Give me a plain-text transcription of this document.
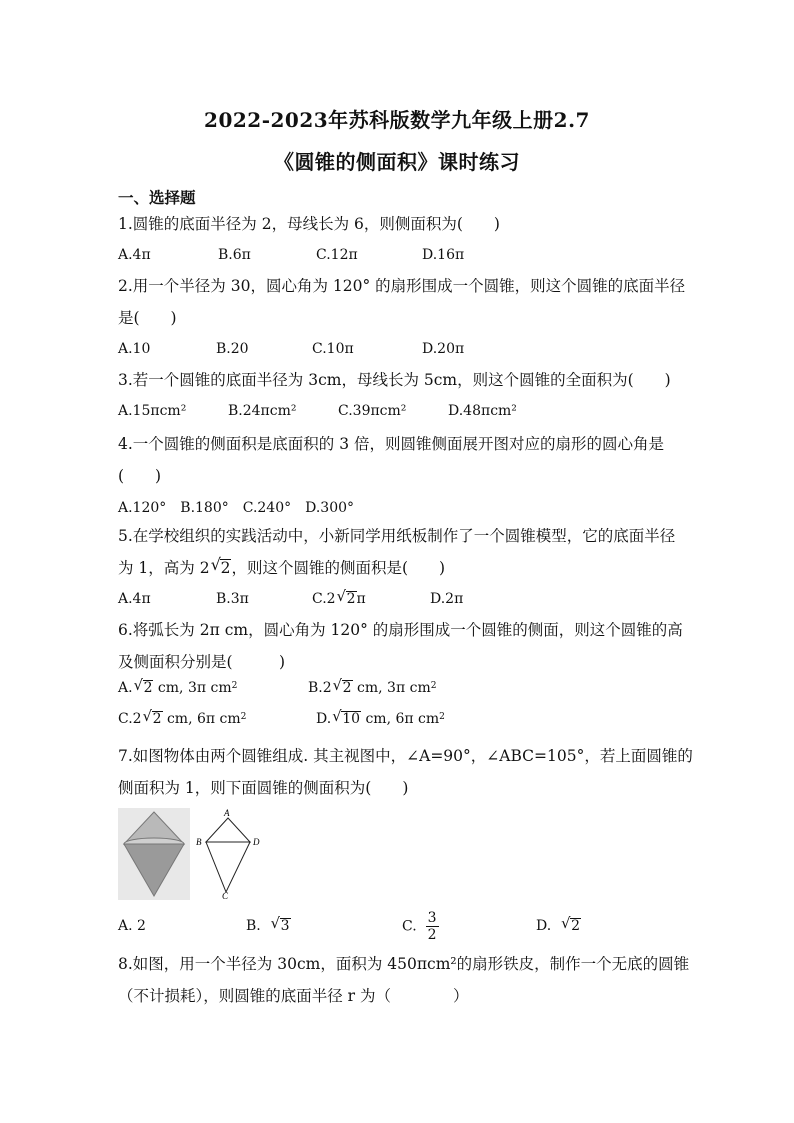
2022-2023年苏科版数学九年级上册2.7
《圆锥的侧面积》课时练习
一、选择题
1.圆锥的底面半径为 2，母线长为 6，则侧面积为(　　)
A.4π	B.6π	C.12π	D.16π
2.用一个半径为 30，圆心角为 120° 的扇形围成一个圆锥，则这个圆锥的底面半径
是(　　)
A.10	B.20	C.10π	D.20π
3.若一个圆锥的底面半径为 3cm，母线长为 5cm，则这个圆锥的全面积为(　　)
A.15πcm²	B.24πcm²	C.39πcm²	D.48πcm²
4.一个圆锥的侧面积是底面积的 3 倍，则圆锥侧面展开图对应的扇形的圆心角是
(　　)
A.120°　B.180°　C.240°　D.300°
5.在学校组织的实践活动中，小新同学用纸板制作了一个圆锥模型，它的底面半径
为 1，高为 2 √ 2，则这个圆锥的侧面积是(　　)
A.4π	B.3π	C.2 √ 2π	D.2π
6.将弧长为 2π cm，圆心角为 120° 的扇形围成一个圆锥的侧面，则这个圆锥的高
及侧面积分别是(　　　)
A. √ 2 cm, 3π $cm^2$	B.2 √ 2 cm, 3π $cm^2$
C.2 √ 2 cm, 6π $cm^2$	D. √ 10 cm, 6π $cm^2$
7.如图物体由两个圆锥组成. 其主视图中，∠A=90°，∠ABC=105°，若上面圆锥的
侧面积为 1，则下面圆锥的侧面积为(　　)
A
B	D
C
A. 2	B. √ 3	C. $\frac{3}{2}$	D. √ 2
8.如图，用一个半径为 30cm，面积为 450πcm²的扇形铁皮，制作一个无底的圆锥
（不计损耗），则圆锥的底面半径 r 为（　　　　）
